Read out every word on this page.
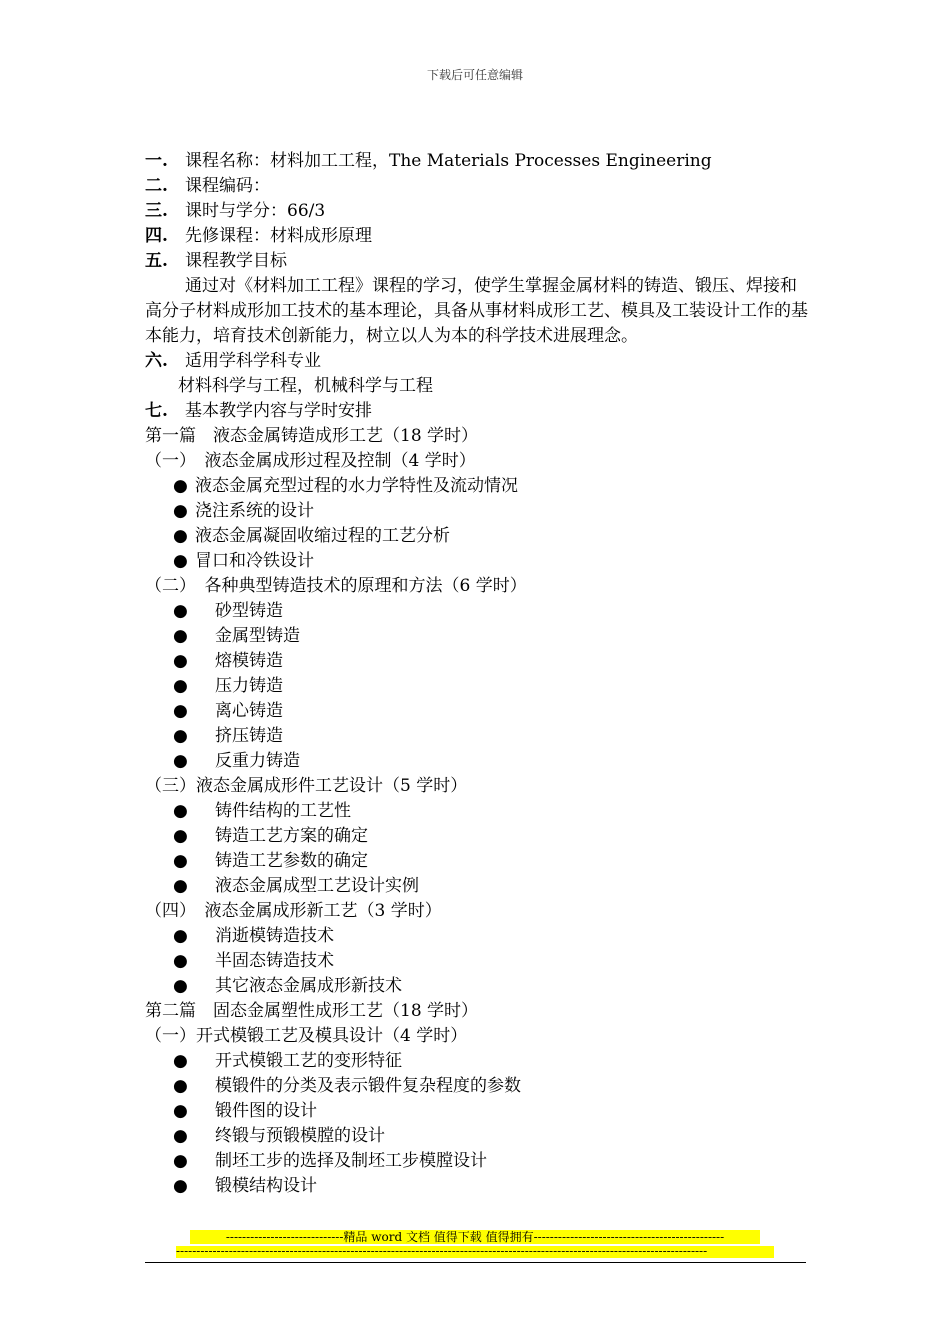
下载后可任意编辑
一. 课程名称：材料加工工程，The Materials Processes Engineering
二. 课程编码：
三. 课时与学分：66/3
四. 先修课程：材料成形原理
五. 课程教学目标
通过对《材料加工工程》课程的学习，使学生掌握金属材料的铸造、锻压、焊接和高分子材料成形加工技术的基本理论，具备从事材料成形工艺、模具及工装设计工作的基本能力，培育技术创新能力，树立以人为本的科学技术进展理念。
六. 适用学科学科专业
材料科学与工程，机械科学与工程
七. 基本教学内容与学时安排
第一篇　液态金属铸造成形工艺（18 学时）
（一）　液态金属成形过程及控制（4 学时）
● 液态金属充型过程的水力学特性及流动情况
● 浇注系统的设计
● 液态金属凝固收缩过程的工艺分析
● 冒口和冷铁设计
（二）　各种典型铸造技术的原理和方法（6 学时）
● 砂型铸造
● 金属型铸造
● 熔模铸造
● 压力铸造
● 离心铸造
● 挤压铸造
● 反重力铸造
（三）液态金属成形件工艺设计（5 学时）
● 铸件结构的工艺性
● 铸造工艺方案的确定
● 铸造工艺参数的确定
● 液态金属成型工艺设计实例
（四）　液态金属成形新工艺（3 学时）
● 消逝模铸造技术
● 半固态铸造技术
● 其它液态金属成形新技术
第二篇　固态金属塑性成形工艺（18 学时）
（一）开式模锻工艺及模具设计（4 学时）
● 开式模锻工艺的变形特征
● 模锻件的分类及表示锻件复杂程度的参数
● 锻件图的设计
● 终锻与预锻模膛的设计
● 制坯工步的选择及制坯工步模膛设计
● 锻模结构设计
-----------------------------精品 word 文档 值得下载 值得拥有-----------------------------------------------
-----------------------------------------------------------------------------------------------------------------------------------
